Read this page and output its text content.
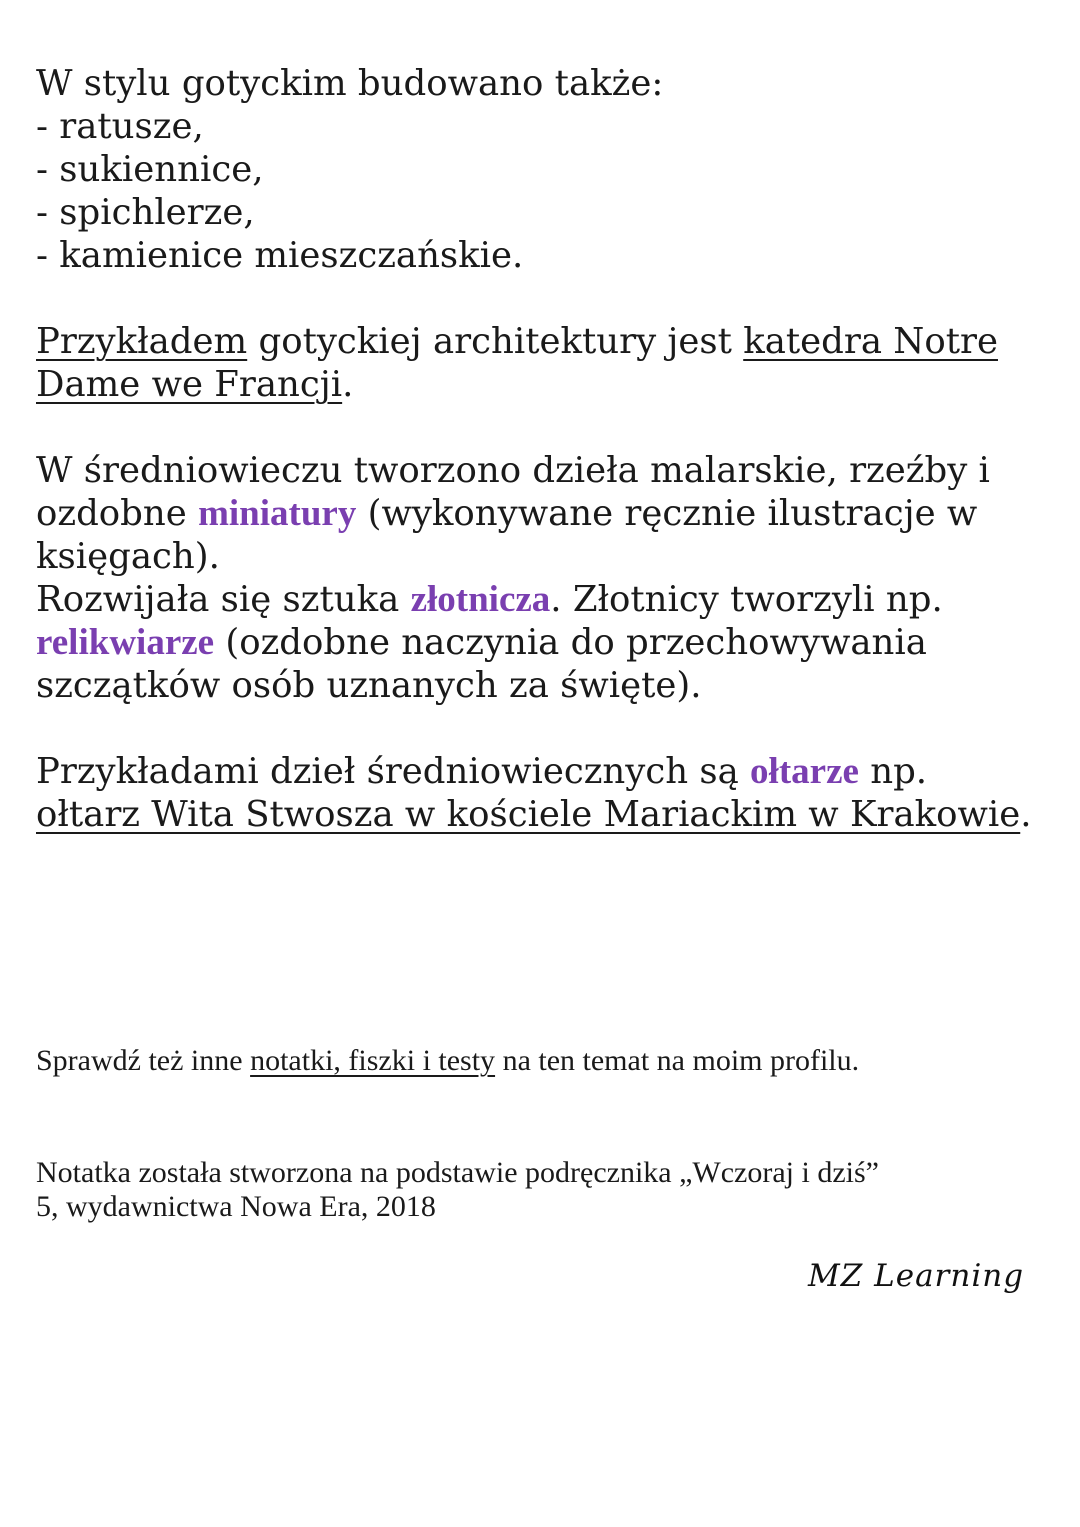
W stylu gotyckim budowano także:
- ratusze,
- sukiennice,
- spichlerze,
- kamienice mieszczańskie.
Przykładem gotyckiej architektury jest katedra Notre
Dame we Francji.
W średniowieczu tworzono dzieła malarskie, rzeźby i
ozdobne miniatury (wykonywane ręcznie ilustracje w
księgach).
Rozwijała się sztuka złotnicza. Złotnicy tworzyli np.
relikwiarze (ozdobne naczynia do przechowywania
szczątków osób uznanych za święte).
Przykładami dzieł średniowiecznych są ołtarze np.
ołtarz Wita Stwosza w kościele Mariackim w Krakowie.
Sprawdź też inne notatki, fiszki i testy na ten temat na moim profilu.
Notatka została stworzona na podstawie podręcznika „Wczoraj i dziś”
5, wydawnictwa Nowa Era, 2018
MZ Learning
